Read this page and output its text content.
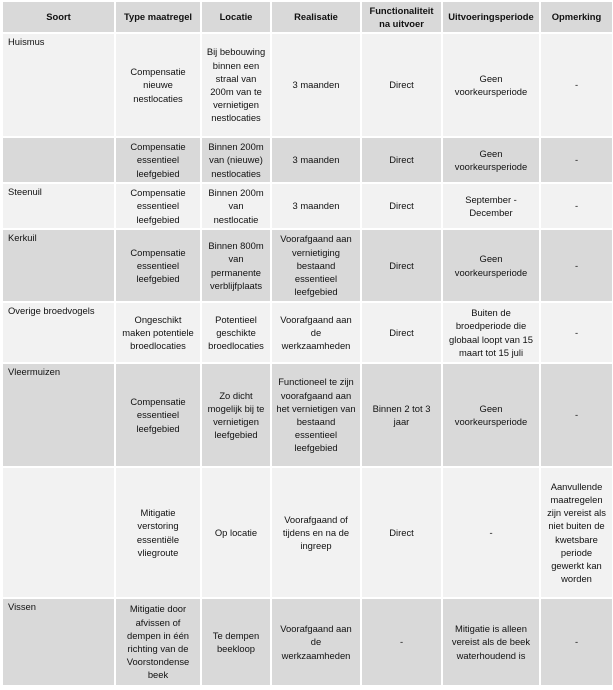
Soort	Type maatregel	Locatie	Realisatie	Functionaliteit na uitvoer	Uitvoeringsperiode	Opmerking
Huismus	Compensatie nieuwe nestlocaties	Bij bebouwing binnen een straal van 200m van te vernietigen nestlocaties	3 maanden	Direct	Geen voorkeursperiode	-
	Compensatie essentieel leefgebied	Binnen 200m van (nieuwe) nestlocaties	3 maanden	Direct	Geen voorkeursperiode	-
Steenuil	Compensatie essentieel leefgebied	Binnen 200m van nestlocatie	3 maanden	Direct	September - December	-
Kerkuil	Compensatie essentieel leefgebied	Binnen 800m van permanente verblijfplaats	Voorafgaand aan vernietiging bestaand essentieel leefgebied	Direct	Geen voorkeursperiode	-
Overige broedvogels	Ongeschikt maken potentiele broedlocaties	Potentieel geschikte broedlocaties	Voorafgaand aan de werkzaamheden	Direct	Buiten de broedperiode die globaal loopt van 15 maart tot 15 juli	-
Vleermuizen	Compensatie essentieel leefgebied	Zo dicht mogelijk bij te vernietigen leefgebied	Functioneel te zijn voorafgaand aan het vernietigen van bestaand essentieel leefgebied	Binnen 2 tot 3 jaar	Geen voorkeursperiode	-
	Mitigatie verstoring essentiële vliegroute	Op locatie	Voorafgaand of tijdens en na de ingreep	Direct	-	Aanvullende maatregelen zijn vereist als niet buiten de kwetsbare periode gewerkt kan worden
Vissen	Mitigatie door afvissen of dempen in één richting van de Voorstondense beek	Te dempen beekloop	Voorafgaand aan de werkzaamheden	-	Mitigatie is alleen vereist als de beek waterhoudend is	-
